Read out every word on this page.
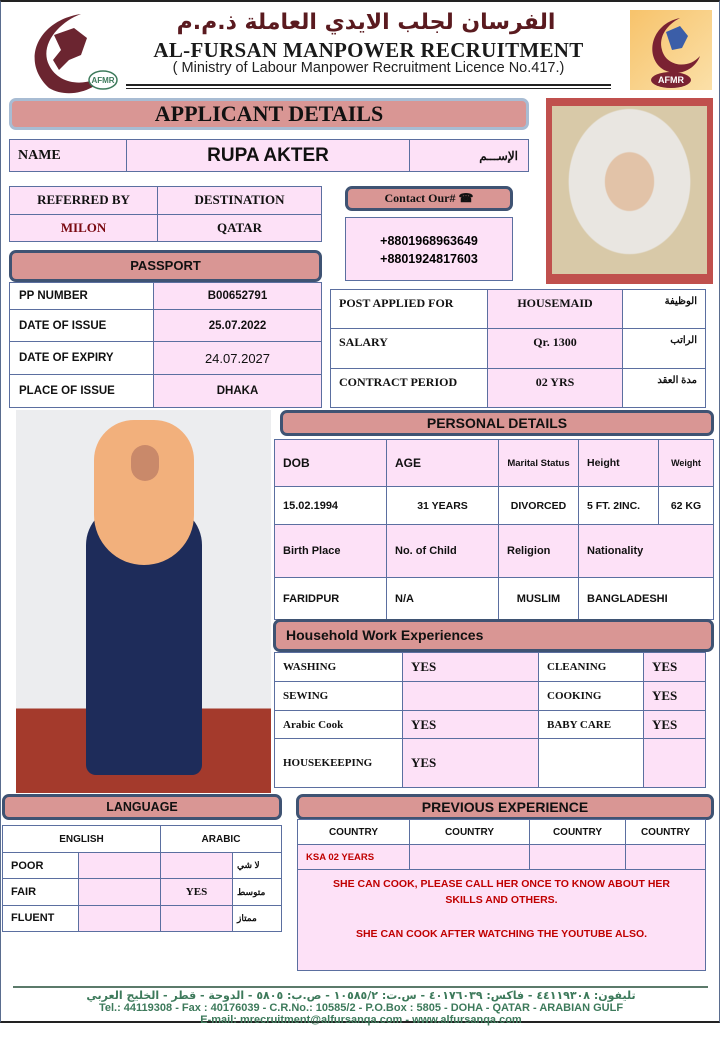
AFMR
الفرسان لجلب الايدي العاملة ذ.م.م
AL-FURSAN MANPOWER RECRUITMENT
( Ministry of Labour Manpower Recruitment Licence No.417.)
AFMR
APPLICANT DETAILS
NAME	RUPA AKTER	الإســـم
REFERRED BY	DESTINATION
MILON	QATAR
Contact Our# ☎
+8801968963649
+8801924817603
PASSPORT
PP NUMBER	B00652791
DATE OF ISSUE	25.07.2022
DATE OF EXPIRY	24.07.2027
PLACE OF ISSUE	DHAKA
POST APPLIED FOR	HOUSEMAID	الوظيفة
SALARY	Qr. 1300	الراتب
CONTRACT PERIOD	02 YRS	مدة العقد
PERSONAL DETAILS
DOB	AGE	Marital Status	Height	Weight
15.02.1994	31 YEARS	DIVORCED	5 FT. 2INC.	62 KG
Birth Place	No. of Child	Religion	Nationality	
FARIDPUR	N/A	MUSLIM	BANGLADESHI	
Household Work Experiences
WASHING	YES	CLEANING	YES
SEWING		COOKING	YES
Arabic Cook	YES	BABY CARE	YES
HOUSEKEEPING	YES		
LANGUAGE
ENGLISH		ARABIC	
POOR			لا شي
FAIR		YES	متوسط
FLUENT			ممتاز
PREVIOUS EXPERIENCE
COUNTRY	COUNTRY	COUNTRY	COUNTRY
KSA 02 YEARS			

SHE CAN COOK, PLEASE CALL HER ONCE TO KNOW ABOUT HER SKILLS AND OTHERS.
SHE CAN COOK AFTER WATCHING THE YOUTUBE ALSO.			
تليفون: ٤٤١١٩٣٠٨ - فاكس: ٤٠١٧٦٠٣٩ - س.ت: ١٠٥٨٥/٢ - ص.ب: ٥٨٠٥ - الدوحة - قطر - الخليج العربي
Tel.: 44119308 - Fax : 40176039 - C.R.No.: 10585/2 - P.O.Box : 5805 - DOHA - QATAR - ARABIAN GULF
E-mail: mrecruitment@alfursanqa.com - www.alfursanqa.com
